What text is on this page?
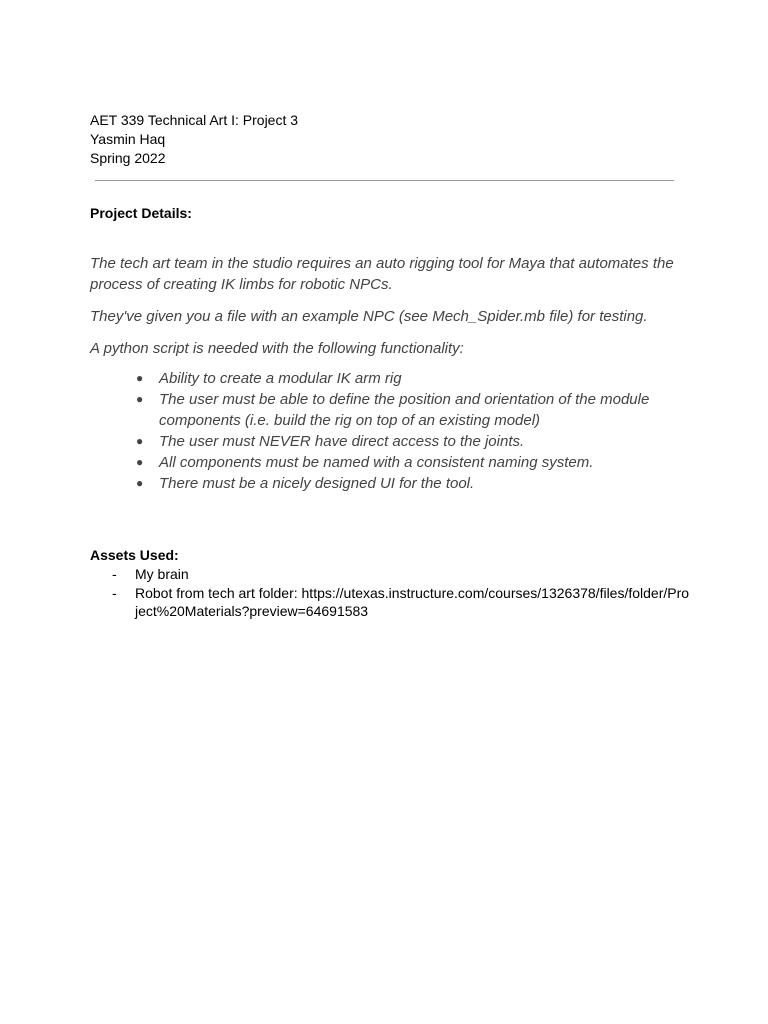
AET 339 Technical Art I: Project 3
Yasmin Haq
Spring 2022
Project Details:

The tech art team in the studio requires an auto rigging tool for Maya that automates the process of creating IK limbs for robotic NPCs.

They've given you a file with an example NPC (see Mech_Spider.mb file) for testing.

A python script is needed with the following functionality:

● Ability to create a modular IK arm rig
● The user must be able to define the position and orientation of the module components (i.e. build the rig on top of an existing model)
● The user must NEVER have direct access to the joints.
● All components must be named with a consistent naming system.
● There must be a nicely designed UI for the tool.
Assets Used:
- My brain
- Robot from tech art folder: https://utexas.instructure.com/courses/1326378/files/folder/Project%20Materials?preview=64691583
